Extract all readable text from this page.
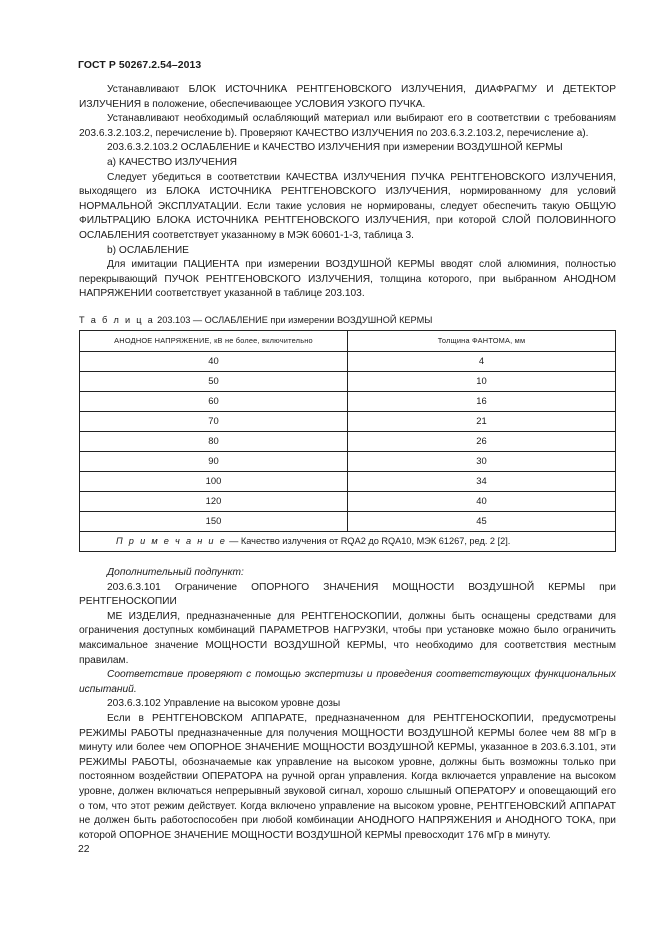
ГОСТ Р 50267.2.54–2013

Устанавливают БЛОК ИСТОЧНИКА РЕНТГЕНОВСКОГО ИЗЛУЧЕНИЯ, ДИАФРАГМУ И ДЕТЕКТОР ИЗЛУЧЕНИЯ в положение, обеспечивающее УСЛОВИЯ УЗКОГО ПУЧКА.

Устанавливают необходимый ослабляющий материал или выбирают его в соответствии с требованиям 203.6.3.2.103.2, перечисление b). Проверяют КАЧЕСТВО ИЗЛУЧЕНИЯ по 203.6.3.2.103.2, перечисление а).

203.6.3.2.103.2 ОСЛАБЛЕНИЕ и КАЧЕСТВО ИЗЛУЧЕНИЯ при измерении ВОЗДУШНОЙ КЕРМЫ

а) КАЧЕСТВО ИЗЛУЧЕНИЯ

Следует убедиться в соответствии КАЧЕСТВА ИЗЛУЧЕНИЯ ПУЧКА РЕНТГЕНОВСКОГО ИЗЛУЧЕНИЯ, выходящего из БЛОКА ИСТОЧНИКА РЕНТГЕНОВСКОГО ИЗЛУЧЕНИЯ, нормированному для условий НОРМАЛЬНОЙ ЭКСПЛУАТАЦИИ. Если такие условия не нормированы, следует обеспечить такую ОБЩУЮ ФИЛЬТРАЦИЮ БЛОКА ИСТОЧНИКА РЕНТГЕНОВСКОГО ИЗЛУЧЕНИЯ, при которой СЛОЙ ПОЛОВИННОГО ОСЛАБЛЕНИЯ соответствует указанному в МЭК 60601-1-3, таблица 3.

b) ОСЛАБЛЕНИЕ

Для имитации ПАЦИЕНТА при измерении ВОЗДУШНОЙ КЕРМЫ вводят слой алюминия, полностью перекрывающий ПУЧОК РЕНТГЕНОВСКОГО ИЗЛУЧЕНИЯ, толщина которого, при выбранном АНОДНОМ НАПРЯЖЕНИИ соответствует указанной в таблице 203.103.

Т а б л и ц а 203.103 — ОСЛАБЛЕНИЕ при измерении ВОЗДУШНОЙ КЕРМЫ
АНОДНОЕ НАПРЯЖЕНИЕ, кВ не более, включительно	Толщина ФАНТОМА, мм
40	4
50	10
60	16
70	21
80	26
90	30
100	34
120	40
150	45
П р и м е ч а н и е — Качество излучения от RQA2 до RQA10, МЭК 61267, ред. 2 [2].	

Дополнительный подпункт:

203.6.3.101 Ограничение ОПОРНОГО ЗНАЧЕНИЯ МОЩНОСТИ ВОЗДУШНОЙ КЕРМЫ при РЕНТГЕНОСКОПИИ

МЕ ИЗДЕЛИЯ, предназначенные для РЕНТГЕНОСКОПИИ, должны быть оснащены средствами для ограничения доступных комбинаций ПАРАМЕТРОВ НАГРУЗКИ, чтобы при установке можно было ограничить максимальное значение МОЩНОСТИ ВОЗДУШНОЙ КЕРМЫ, что необходимо для соответствия местным правилам.

Соответствие проверяют с помощью экспертизы и проведения соответствующих функциональных испытаний.

203.6.3.102 Управление на высоком уровне дозы

Если в РЕНТГЕНОВСКОМ АППАРАТЕ, предназначенном для РЕНТГЕНОСКОПИИ, предусмотрены РЕЖИМЫ РАБОТЫ предназначенные для получения МОЩНОСТИ ВОЗДУШНОЙ КЕРМЫ более чем 88 мГр в минуту или более чем ОПОРНОЕ ЗНАЧЕНИЕ МОЩНОСТИ ВОЗДУШНОЙ КЕРМЫ, указанное в 203.6.3.101, эти РЕЖИМЫ РАБОТЫ, обозначаемые как управление на высоком уровне, должны быть возможны только при постоянном воздействии ОПЕРАТОРА на ручной орган управления. Когда включается управление на высоком уровне, должен включаться непрерывный звуковой сигнал, хорошо слышный ОПЕРАТОРУ и оповещающий его о том, что этот режим действует. Когда включено управление на высоком уровне, РЕНТГЕНОВСКИЙ АППАРАТ не должен быть работоспособен при любой комбинации АНОДНОГО НАПРЯЖЕНИЯ и АНОДНОГО ТОКА, при которой ОПОРНОЕ ЗНАЧЕНИЕ МОЩНОСТИ ВОЗДУШНОЙ КЕРМЫ превосходит 176 мГр в минуту.

22
